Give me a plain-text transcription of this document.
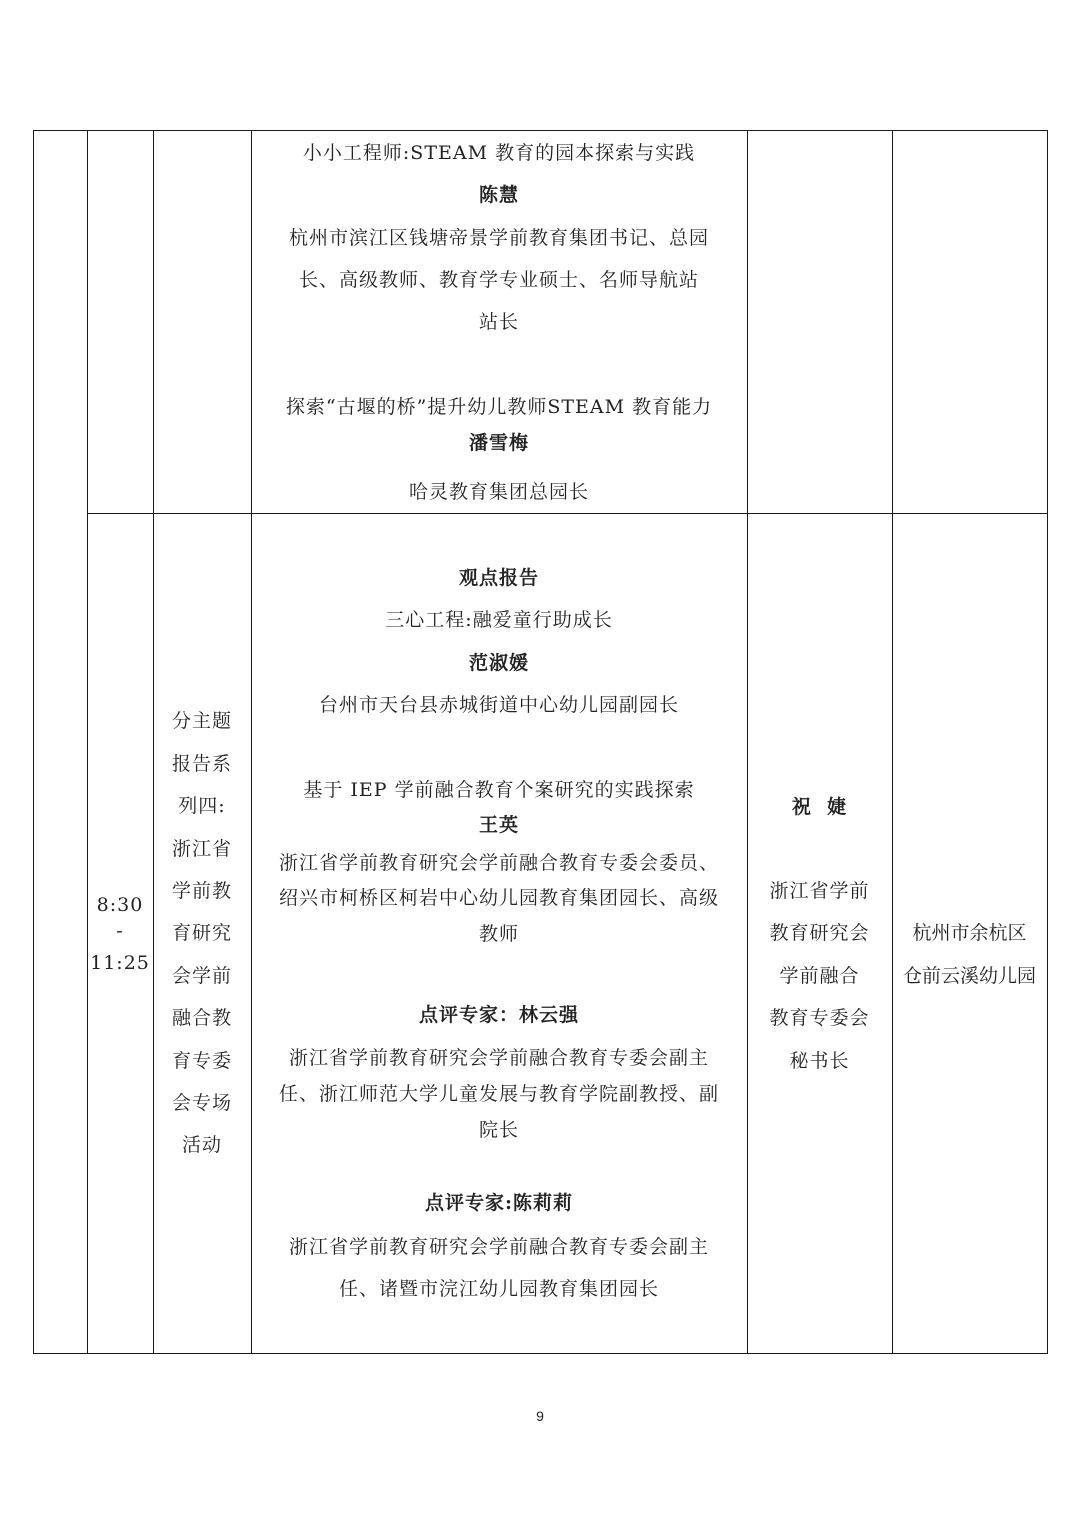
小小工程师:STEAM 教育的园本探索与实践
陈慧
杭州市滨江区钱塘帝景学前教育集团书记、总园
长、高级教师、教育学专业硕士、名师导航站
站长
探索“古堰的桥”提升幼儿教师STEAM 教育能力
潘雪梅
哈灵教育集团总园长
8:30
-
11:25
分主题
报告系
列四:
浙江省
学前教
育研究
会学前
融合教
育专委
会专场
活动
观点报告
三心工程:融爱童行助成长
范淑媛
台州市天台县赤城街道中心幼儿园副园长
基于 IEP 学前融合教育个案研究的实践探索
王英
浙江省学前教育研究会学前融合教育专委会委员、
绍兴市柯桥区柯岩中心幼儿园教育集团园长、高级
教师
点评专家：林云强
浙江省学前教育研究会学前融合教育专委会副主
任、浙江师范大学儿童发展与教育学院副教授、副
院长
点评专家:陈莉莉
浙江省学前教育研究会学前融合教育专委会副主
任、诸暨市浣江幼儿园教育集团园长
祝  婕
浙江省学前
教育研究会
学前融合
教育专委会
秘书长
杭州市余杭区
仓前云溪幼儿园
9
